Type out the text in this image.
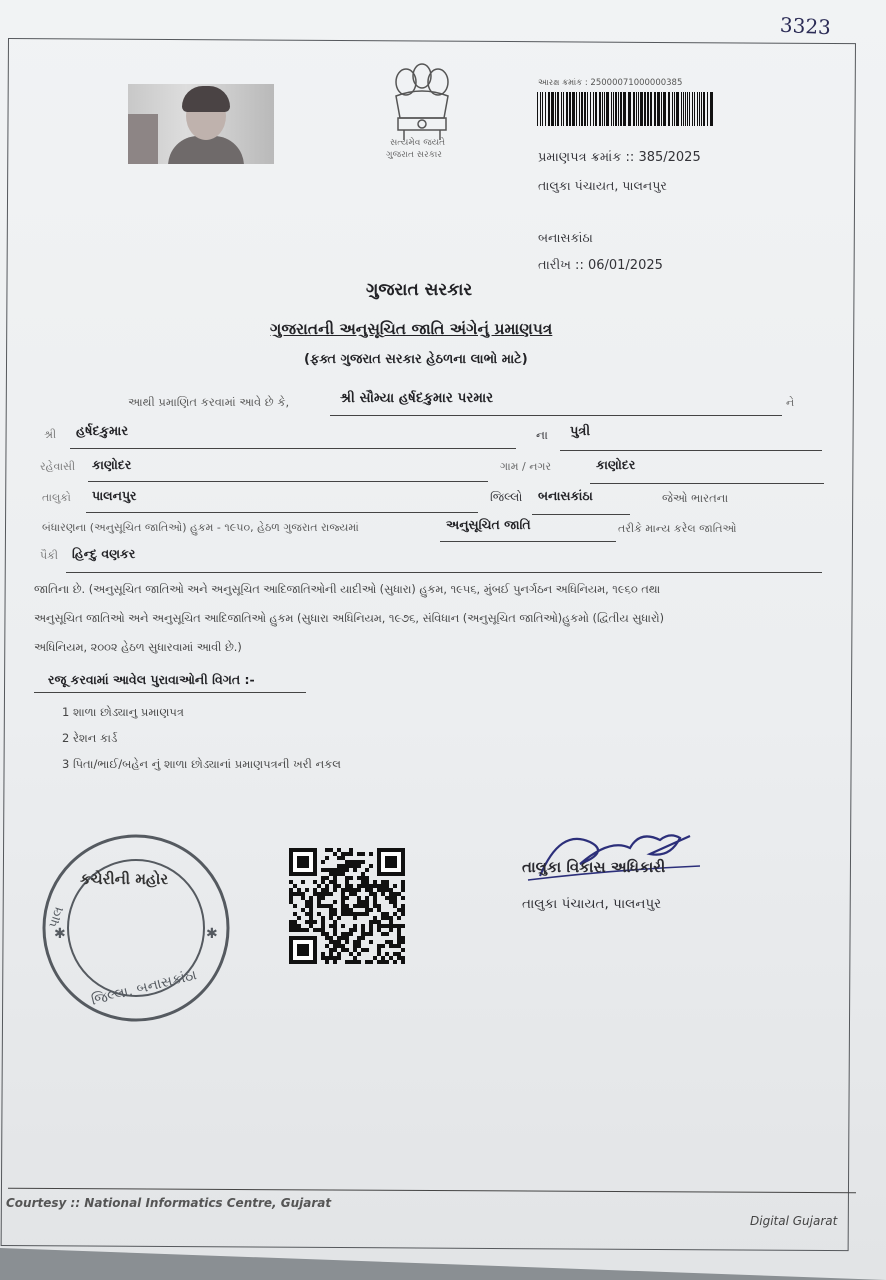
3323
સત્યમેવ જયતે
ગુજરાત સરકાર
આરક્ષ ક્રમાંક : 25000071000000385
પ્રમાણપત્ર ક્રમાંક :: 385/2025
તાલુકા પંચાયત, પાલનપુર
બનાસકાંઠા
તારીખ :: 06/01/2025
ગુજરાત સરકાર
ગુજરાતની અનુસૂચિત જાતિ અંગેનું પ્રમાણપત્ર
(ફક્ત ગુજરાત સરકાર હેઠળના લાભો માટે)
આથી પ્રમાણિત કરવામાં આવે છે કે,	શ્રી સૌમ્યા હર્ષદકુમાર પરમાર	ને
શ્રી હર્ષદકુમાર	ના પુત્રી
રહેવાસી કાણોદર	ગામ / નગર	કાણોદર
તાલુકો પાલનપુર	જિલ્લો બનાસકાંઠા	જેઓ ભારતના
બંધારણના (અનુસૂચિત જાતિઓ) હુકમ - ૧૯૫૦, હેઠળ ગુજરાત રાજ્યમાં	અનુસૂચિત જાતિ	તરીકે માન્ય કરેલ જાતિઓ
પૈકી હિન્દુ વણકર
જાતિના છે. (અનુસૂચિત જાતિઓ અને અનુસૂચિત આદિજાતિઓની યાદીઓ (સુધારા) હુકમ, ૧૯૫૬, મુંબઈ પુનર્ગઠન અધિનિયમ, ૧૯૬૦ તથા
અનુસૂચિત જાતિઓ અને અનુસૂચિત આદિજાતિઓ હુકમ (સુધારા અધિનિયમ, ૧૯૭૬, સંવિધાન (અનુસૂચિત જાતિઓ)હુકમો (દ્વિતીય સુધારો)
અધિનિયમ, ૨૦૦૨ હેઠળ સુધારવામાં આવી છે.)
રજૂ કરવામાં આવેલ પુરાવાઓની વિગત :-
1 શાળા છોડ્યાનુ પ્રમાણપત્ર
2 રેશન કાર્ડ
3 પિતા/ભાઈ/બહેન નું શાળા છોડ્યાનાં પ્રમાણપત્રની ખરી નકલ
✱
✱
કચેરીની મહોર
જિલ્લા. બનાસકાંઠા
પાલ
તાલુકા વિકાસ અધિકારી
તાલુકા પંચાયત, પાલનપુર
Courtesy :: National Informatics Centre, Gujarat
Digital Gujarat
